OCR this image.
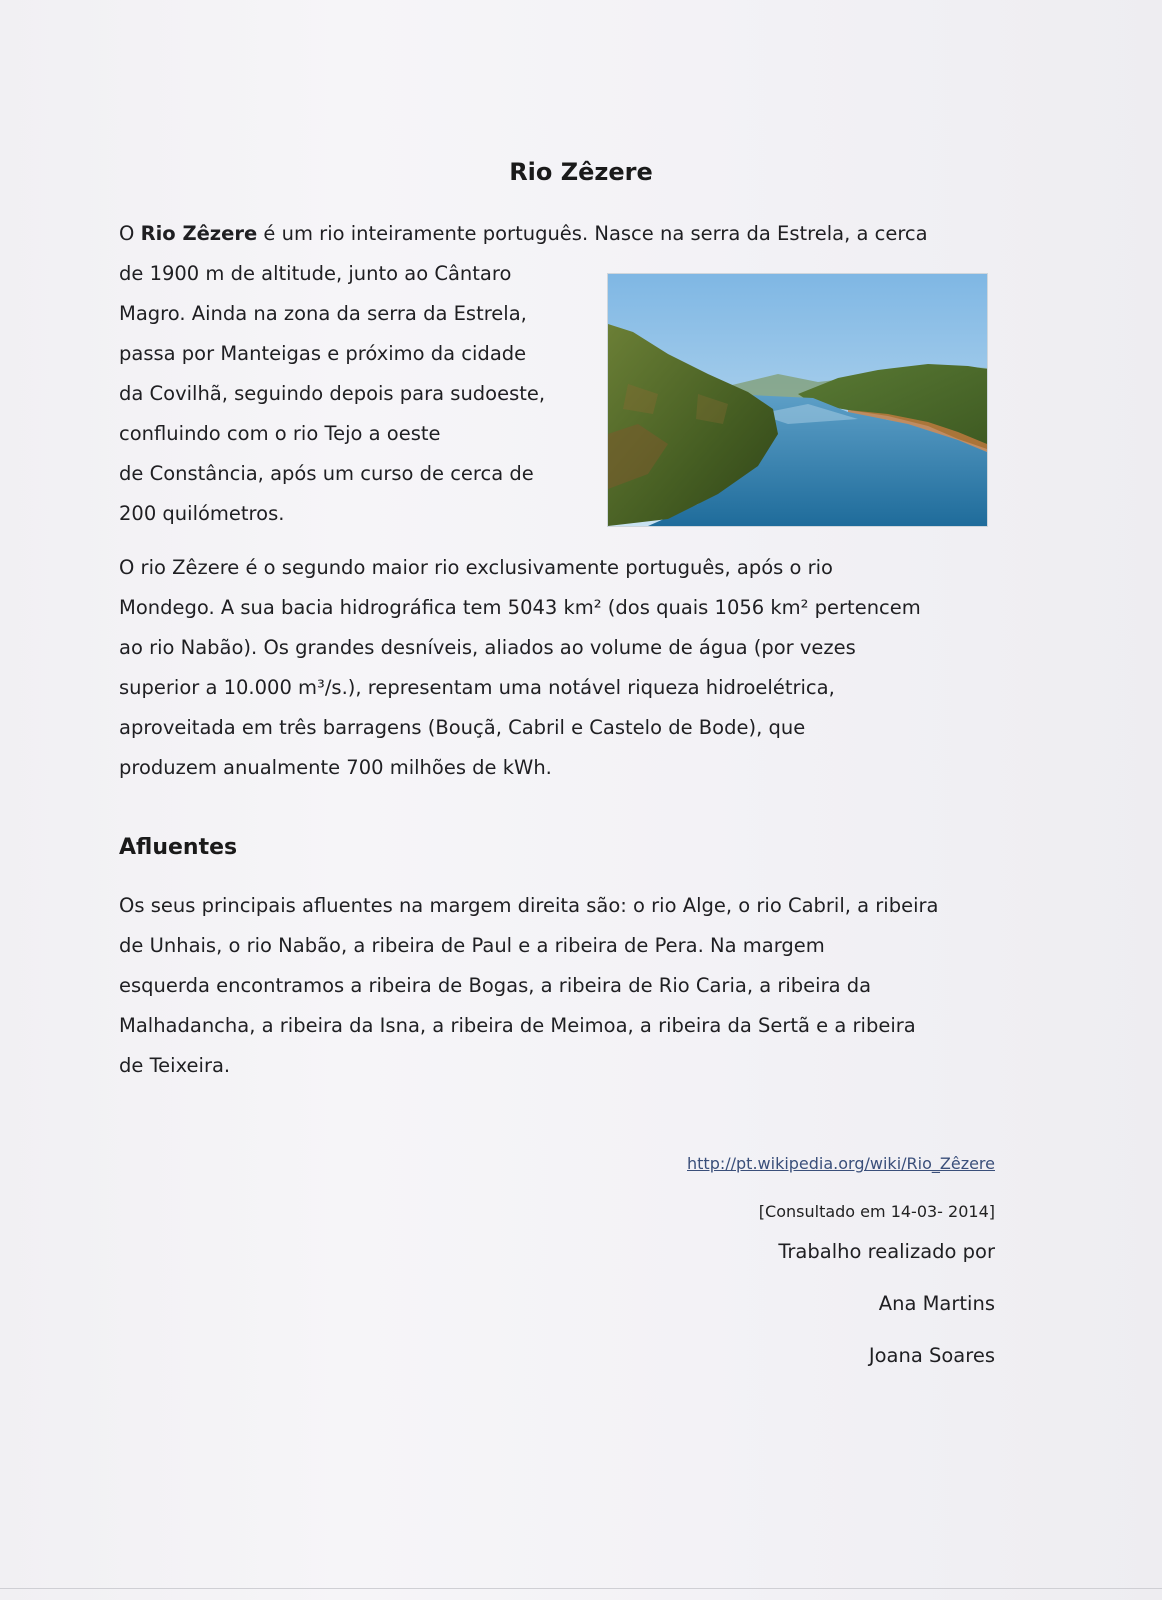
Rio Zêzere

O Rio Zêzere é um rio inteiramente português. Nasce na serra da Estrela, a cerca
de 1900 m de altitude, junto ao Cântaro
Magro. Ainda na zona da serra da Estrela,
passa por Manteigas e próximo da cidade
da Covilhã, seguindo depois para sudoeste,
confluindo com o rio Tejo a oeste
de Constância, após um curso de cerca de
200 quilómetros.

O rio Zêzere é o segundo maior rio exclusivamente português, após o rio
Mondego. A sua bacia hidrográfica tem 5043 km² (dos quais 1056 km² pertencem
ao rio Nabão). Os grandes desníveis, aliados ao volume de água (por vezes
superior a 10.000 m³/s.), representam uma notável riqueza hidroelétrica,
aproveitada em três barragens (Bouçã, Cabril e Castelo de Bode), que
produzem anualmente 700 milhões de kWh.

Afluentes

Os seus principais afluentes na margem direita são: o rio Alge, o rio Cabril, a ribeira
de Unhais, o rio Nabão, a ribeira de Paul e a ribeira de Pera. Na margem
esquerda encontramos a ribeira de Bogas, a ribeira de Rio Caria, a ribeira da
Malhadancha, a ribeira da Isna, a ribeira de Meimoa, a ribeira da Sertã e a ribeira
de Teixeira.

http://pt.wikipedia.org/wiki/Rio_Zêzere
[Consultado em 14-03- 2014]
Trabalho realizado por
Ana Martins
Joana Soares
